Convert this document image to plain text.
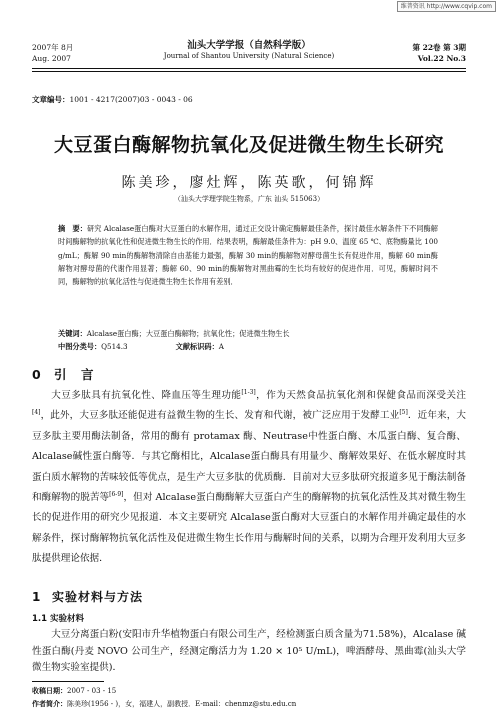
维普资讯 http://www.cqvip.com
2007年 8月
Aug. 2007
汕头大学学报（自然科学版）
Journal of Shantou University (Natural Science)
第 22卷 第 3期
Vol.22 No.3
文章编号：1001 - 4217(2007)03 - 0043 - 06
大豆蛋白酶解物抗氧化及促进微生物生长研究
陈美珍，廖灶辉，陈英歌，何锦辉
（汕头大学理学院生物系，广东 汕头 515063）
摘　要：研究 Alcalase蛋白酶对大豆蛋白的水解作用，通过正交设计确定酶解最佳条件，探讨最佳水解条件下不同酶解时间酶解物的抗氧化性和促进微生物生长的作用．结果表明，酶解最佳条件为：pH 9.0、温度 65 ℃、底物酶量比 100 g/mL；酶解 90 min的酶解物清除自由基能力最强，酶解 30 min的酶解物对酵母菌生长有促进作用，酶解 60 min酶解物对酵母菌的代谢作用显著；酶解 60、90 min的酶解物对黑曲霉的生长均有较好的促进作用．可见，酶解时间不同，酶解物的抗氧化活性与促进微生物生长作用有差别．
关键词：Alcalase蛋白酶；大豆蛋白酶解物；抗氧化性；促进微生物生长
中图分类号：Q514.3	文献标识码：A
0 引　言
大豆多肽具有抗氧化性、降血压等生理功能[1-3]，作为天然食品抗氧化剂和保健食品而深受关注[4]，此外，大豆多肽还能促进有益微生物的生长、发育和代谢，被广泛应用于发酵工业[5]．近年来，大豆多肽主要用酶法制备，常用的酶有 protamax 酶、Neutrase中性蛋白酶、木瓜蛋白酶、复合酶、Alcalase碱性蛋白酶等．与其它酶相比，Alcalase蛋白酶具有用量少、酶解效果好、在低水解度时其蛋白质水解物的苦味较低等优点，是生产大豆多肽的优质酶．目前对大豆多肽研究报道多见于酶法制备和酶解物的脱苦等[6-9]，但对 Alcalase蛋白酶酶解大豆蛋白产生的酶解物的抗氧化活性及其对微生物生长的促进作用的研究少见报道．本文主要研究 Alcalase蛋白酶对大豆蛋白的水解作用并确定最佳的水解条件，探讨酶解物抗氧化活性及促进微生物生长作用与酶解时间的关系，以期为合理开发利用大豆多肽提供理论依据．
1 实验材料与方法
1.1 实验材料
大豆分离蛋白粉(安阳市升华植物蛋白有限公司生产，经检测蛋白质含量为71.58%)，Alcalase 碱性蛋白酶(丹麦 NOVO 公司生产，经测定酶活力为 1.20 × 10⁵ U/mL)，啤酒酵母、黑曲霉(汕头大学微生物实验室提供)．
收稿日期：2007 - 03 - 15
作者简介：陈美珍(1956 - )，女，福建人，副教授．E-mail：chenmz@stu.edu.cn
